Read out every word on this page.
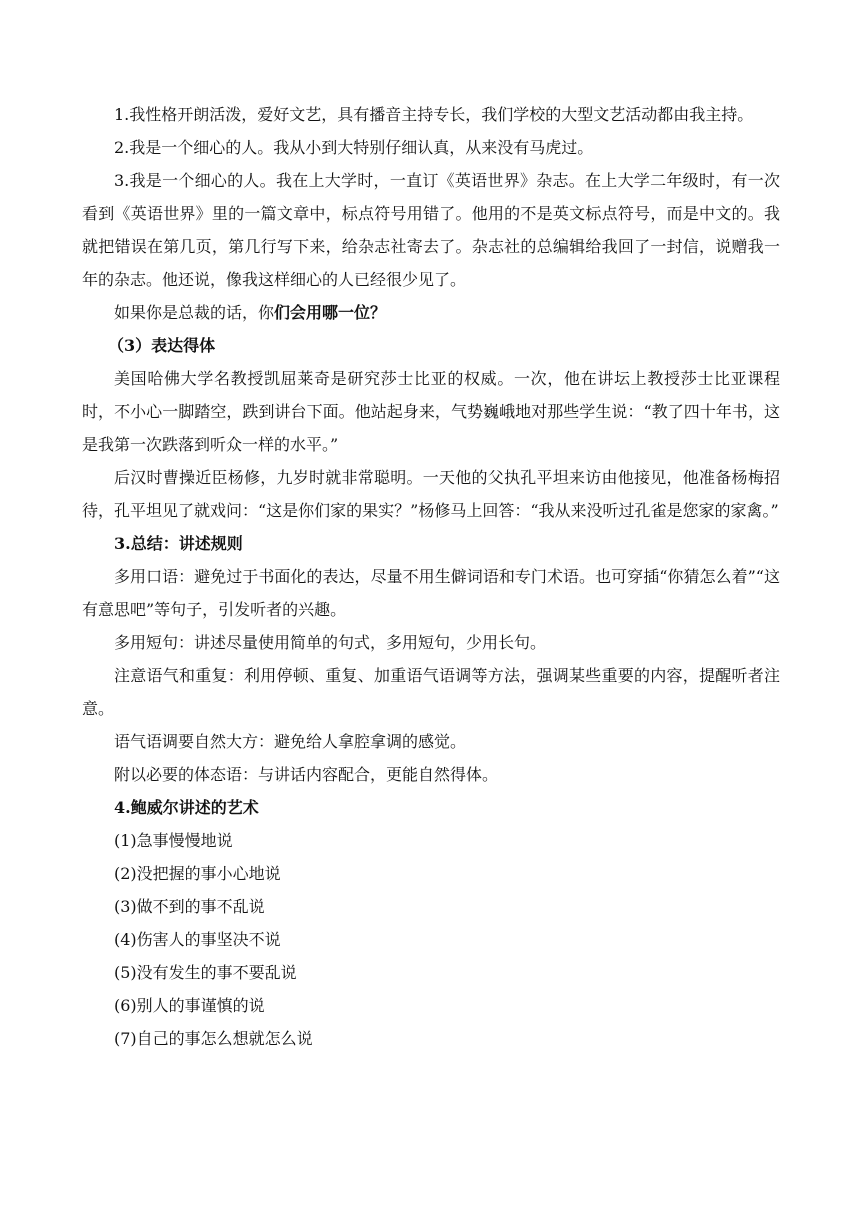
1.我性格开朗活泼，爱好文艺，具有播音主持专长，我们学校的大型文艺活动都由我主持。

2.我是一个细心的人。我从小到大特别仔细认真，从来没有马虎过。

3.我是一个细心的人。我在上大学时，一直订《英语世界》杂志。在上大学二年级时，有一次看到《英语世界》里的一篇文章中，标点符号用错了。他用的不是英文标点符号，而是中文的。我就把错误在第几页，第几行写下来，给杂志社寄去了。杂志社的总编辑给我回了一封信，说赠我一年的杂志。他还说，像我这样细心的人已经很少见了。

如果你是总裁的话，你们会用哪一位？

（3）表达得体

美国哈佛大学名教授凯屈莱奇是研究莎士比亚的权威。一次，他在讲坛上教授莎士比亚课程时，不小心一脚踏空，跌到讲台下面。他站起身来，气势巍峨地对那些学生说：“教了四十年书，这是我第一次跌落到听众一样的水平。”

后汉时曹操近臣杨修，九岁时就非常聪明。一天他的父执孔平坦来访由他接见，他准备杨梅招待，孔平坦见了就戏问：“这是你们家的果实？”杨修马上回答：“我从来没听过孔雀是您家的家禽。”

3.总结：讲述规则

多用口语：避免过于书面化的表达，尽量不用生僻词语和专门术语。也可穿插“你猜怎么着”“这有意思吧”等句子，引发听者的兴趣。

多用短句：讲述尽量使用简单的句式，多用短句，少用长句。

注意语气和重复：利用停顿、重复、加重语气语调等方法，强调某些重要的内容，提醒听者注意。

语气语调要自然大方：避免给人拿腔拿调的感觉。

附以必要的体态语：与讲话内容配合，更能自然得体。

4.鲍威尔讲述的艺术

(1)急事慢慢地说

(2)没把握的事小心地说

(3)做不到的事不乱说

(4)伤害人的事坚决不说

(5)没有发生的事不要乱说

(6)别人的事谨慎的说

(7)自己的事怎么想就怎么说
